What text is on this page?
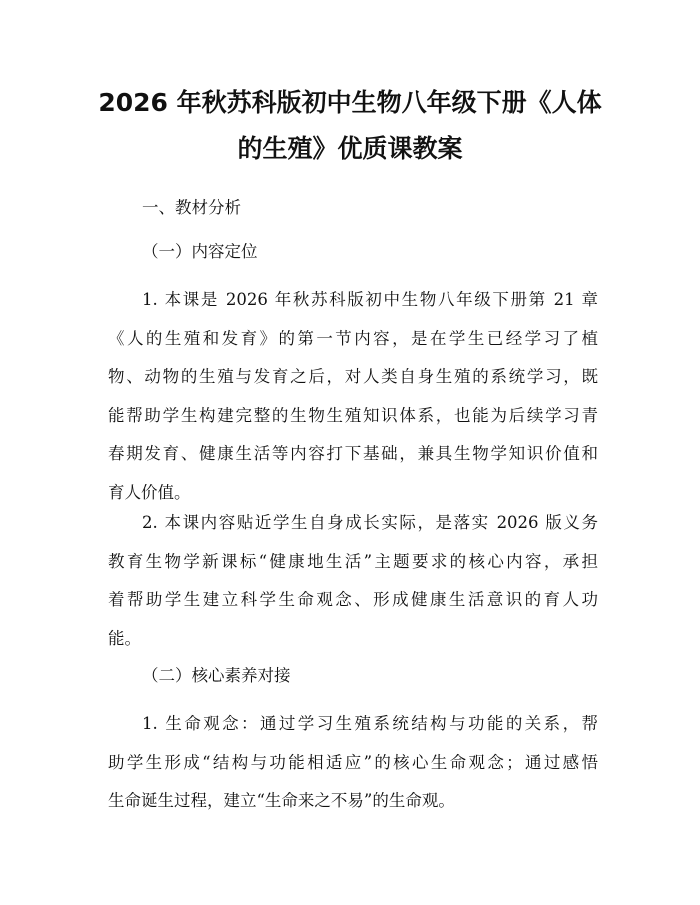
2026 年秋苏科版初中生物八年级下册《人体
的生殖》优质课教案

一、教材分析

（一）内容定位

1. 本课是 2026 年秋苏科版初中生物八年级下册第 21 章
《人的生殖和发育》的第一节内容，是在学生已经学习了植
物、动物的生殖与发育之后，对人类自身生殖的系统学习，既
能帮助学生构建完整的生物生殖知识体系，也能为后续学习青
春期发育、健康生活等内容打下基础，兼具生物学知识价值和
育人价值。
2. 本课内容贴近学生自身成长实际，是落实 2026 版义务
教育生物学新课标“健康地生活”主题要求的核心内容，承担
着帮助学生建立科学生命观念、形成健康生活意识的育人功
能。

（二）核心素养对接

1. 生命观念：通过学习生殖系统结构与功能的关系，帮
助学生形成“结构与功能相适应”的核心生命观念；通过感悟
生命诞生过程，建立“生命来之不易”的生命观。
